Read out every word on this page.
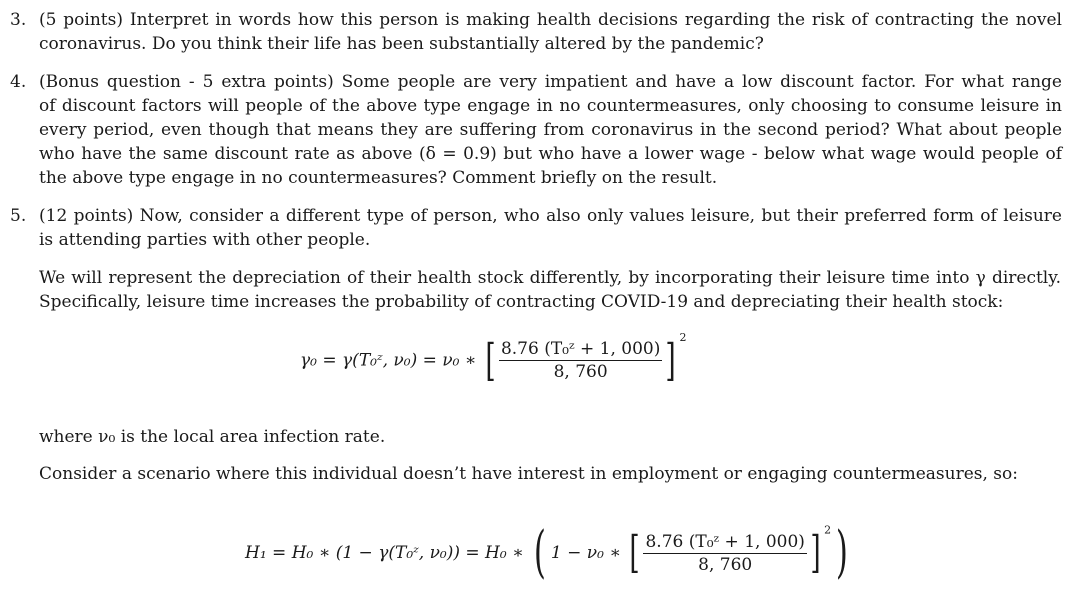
3. (5 points) Interpret in words how this person is making health decisions regarding the risk of contracting the novel
coronavirus. Do you think their life has been substantially altered by the pandemic?
4. (Bonus question - 5 extra points) Some people are very impatient and have a low discount factor. For what range
of discount factors will people of the above type engage in no countermeasures, only choosing to consume leisure in
every period, even though that means they are suffering from coronavirus in the second period? What about people
who have the same discount rate as above (δ = 0.9) but who have a lower wage - below what wage would people of
the above type engage in no countermeasures? Comment briefly on the result.
5. (12 points) Now, consider a different type of person, who also only values leisure, but their preferred form of leisure
is attending parties with other people.
We will represent the depreciation of their health stock differently, by incorporating their leisure time into γ directly.
Specifically, leisure time increases the probability of contracting COVID-19 and depreciating their health stock:
γ₀ = γ(T₀ᶻ, ν₀) = ν₀ ∗ [ $\frac{\text{8.76 (T₀ᶻ + 1, 000)}}{8, 760}$ ] $^2$
where ν₀ is the local area infection rate.
Consider a scenario where this individual doesn’t have interest in employment or engaging countermeasures, so:
H₁ = H₀ ∗ (1 − γ(T₀ᶻ, ν₀)) = H₀ ∗ ( 1 − ν₀ ∗ [ $\frac{\text{8.76 (T₀ᶻ + 1, 000)}}{8, 760}$ ] $^2$)
